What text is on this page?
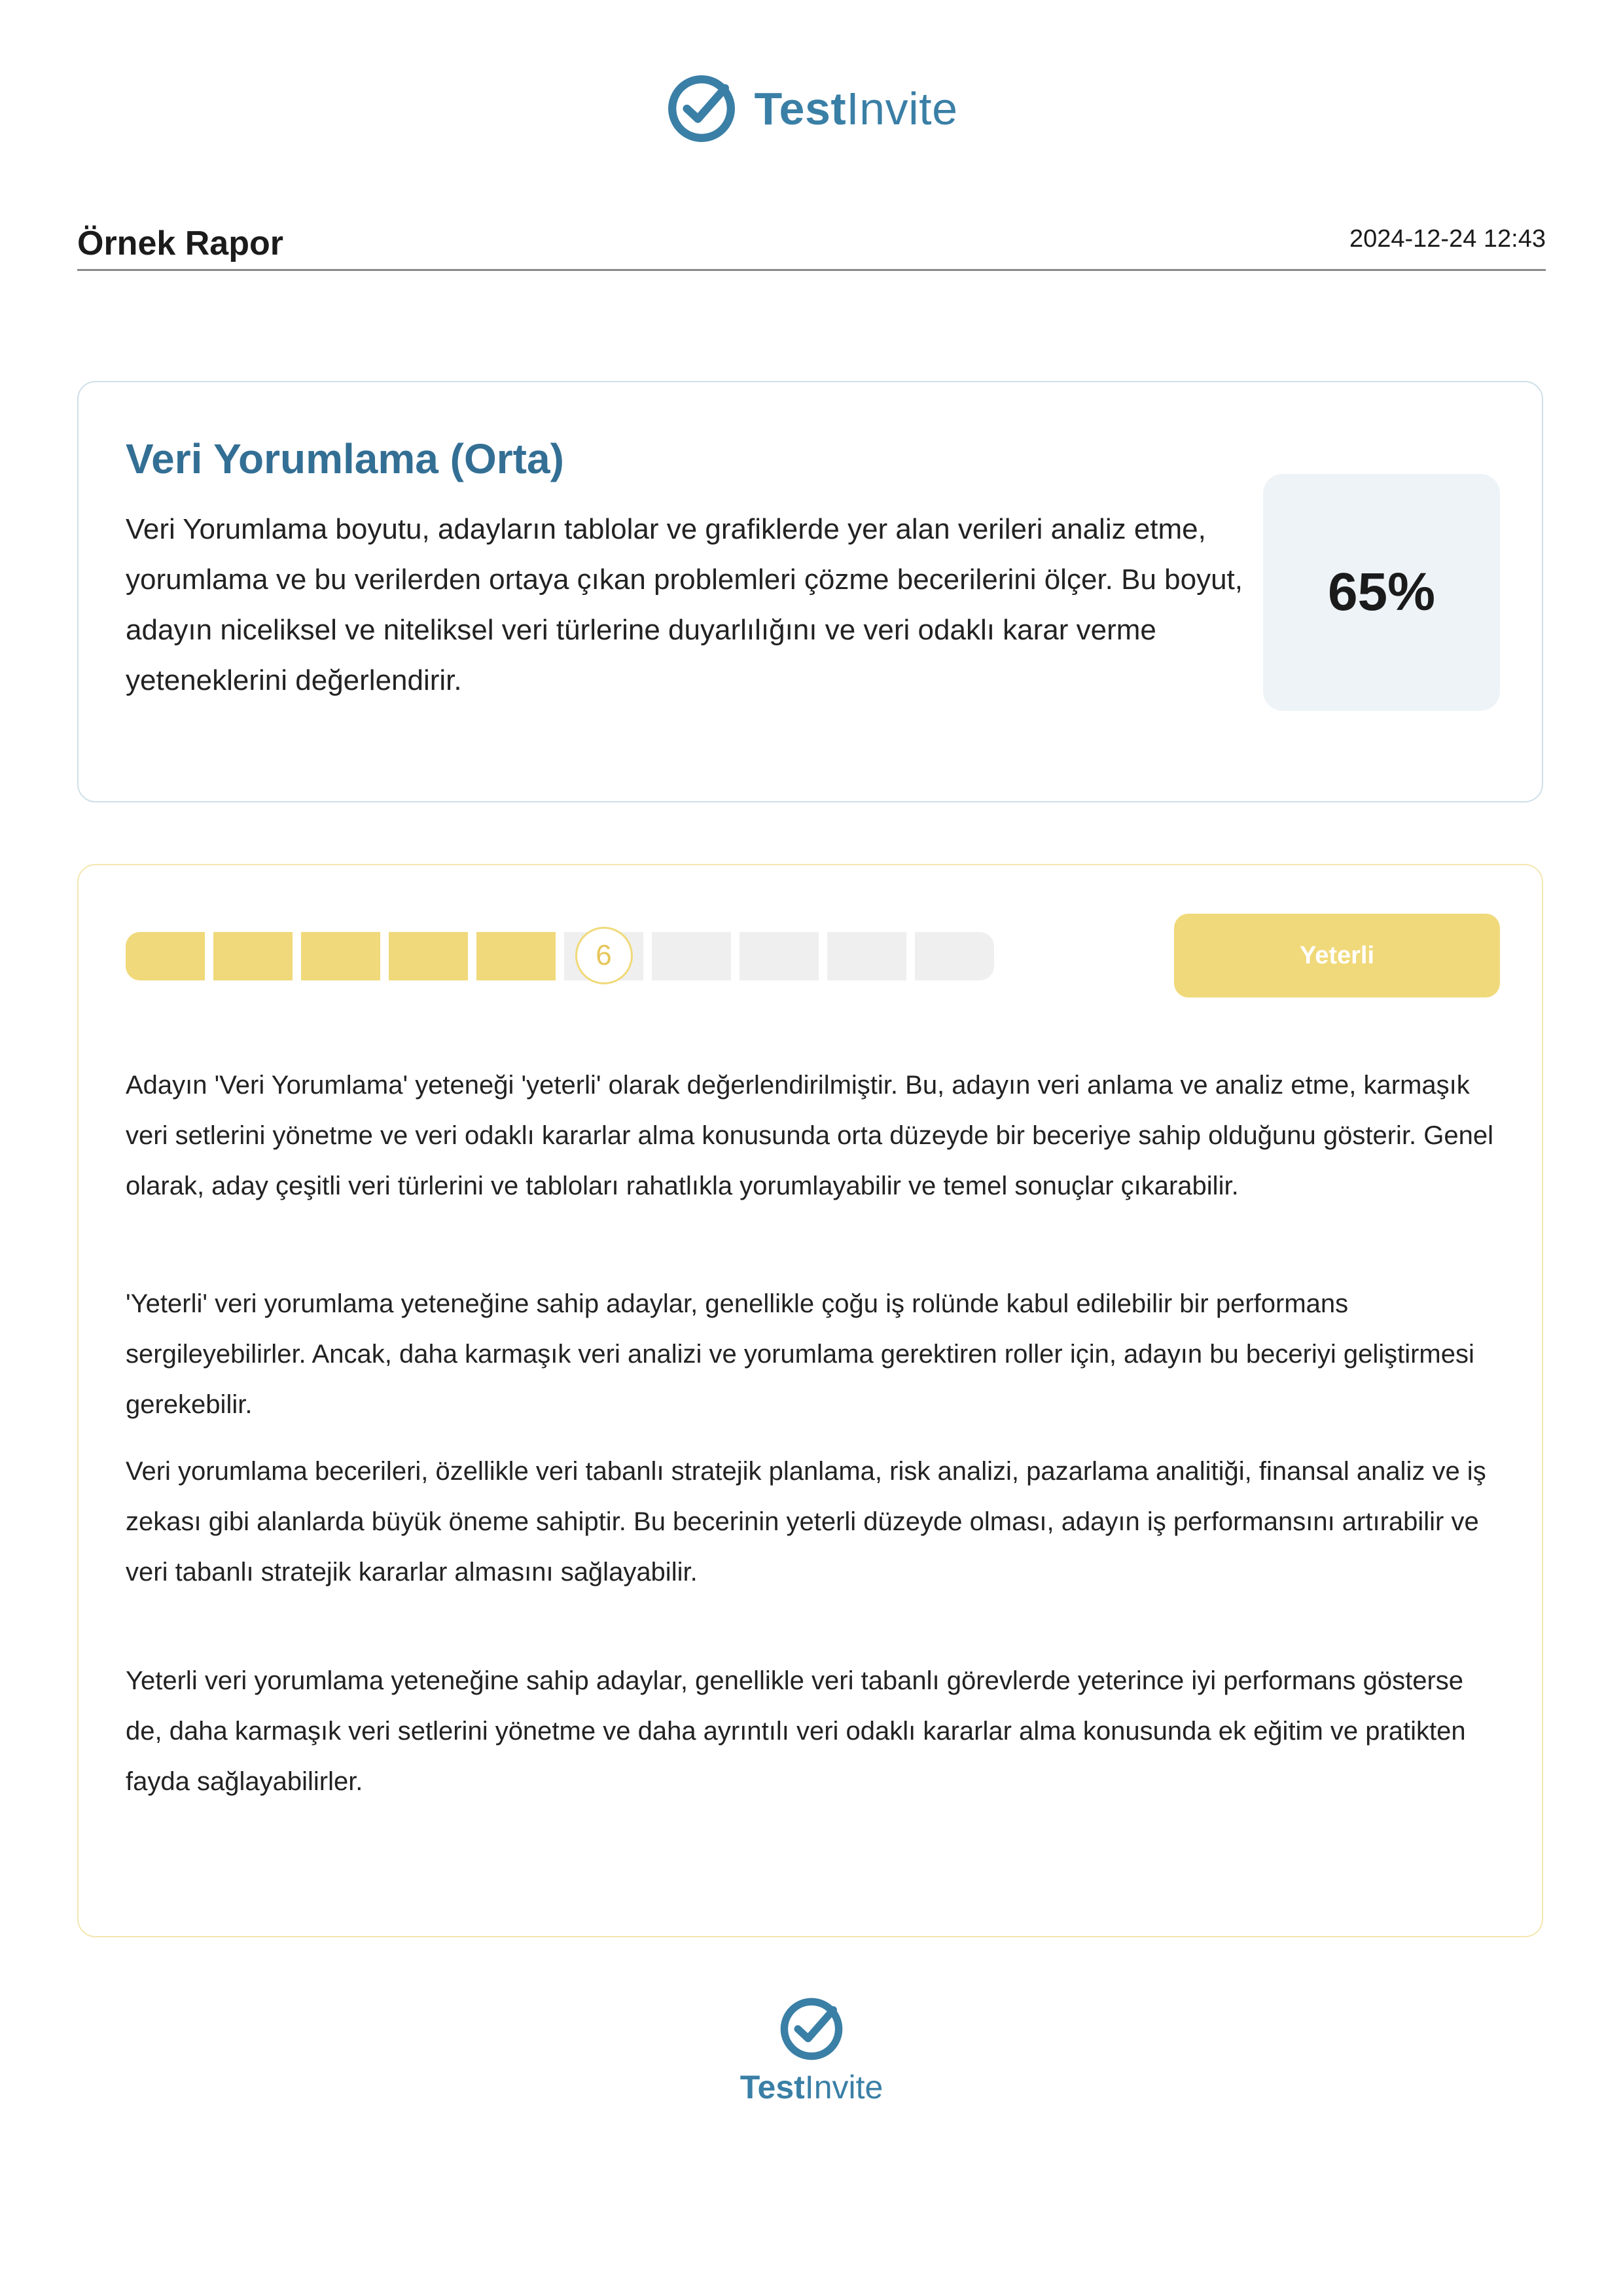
TestInvite
Örnek Rapor	2024-12-24 12:43
Veri Yorumlama (Orta)
Veri Yorumlama boyutu, adayların tablolar ve grafiklerde yer alan verileri analiz etme, yorumlama ve bu verilerden ortaya çıkan problemleri çözme becerilerini ölçer. Bu boyut, adayın niceliksel ve niteliksel veri türlerine duyarlılığını ve veri odaklı karar verme yeteneklerini değerlendirir.
65%
6	Yeterli
Adayın 'Veri Yorumlama' yeteneği 'yeterli' olarak değerlendirilmiştir. Bu, adayın veri anlama ve analiz etme, karmaşık veri setlerini yönetme ve veri odaklı kararlar alma konusunda orta düzeyde bir beceriye sahip olduğunu gösterir. Genel olarak, aday çeşitli veri türlerini ve tabloları rahatlıkla yorumlayabilir ve temel sonuçlar çıkarabilir.
'Yeterli' veri yorumlama yeteneğine sahip adaylar, genellikle çoğu iş rolünde kabul edilebilir bir performans sergileyebilirler. Ancak, daha karmaşık veri analizi ve yorumlama gerektiren roller için, adayın bu beceriyi geliştirmesi gerekebilir.
Veri yorumlama becerileri, özellikle veri tabanlı stratejik planlama, risk analizi, pazarlama analitiği, finansal analiz ve iş zekası gibi alanlarda büyük öneme sahiptir. Bu becerinin yeterli düzeyde olması, adayın iş performansını artırabilir ve veri tabanlı stratejik kararlar almasını sağlayabilir.
Yeterli veri yorumlama yeteneğine sahip adaylar, genellikle veri tabanlı görevlerde yeterince iyi performans gösterse de, daha karmaşık veri setlerini yönetme ve daha ayrıntılı veri odaklı kararlar alma konusunda ek eğitim ve pratikten fayda sağlayabilirler.
TestInvite
